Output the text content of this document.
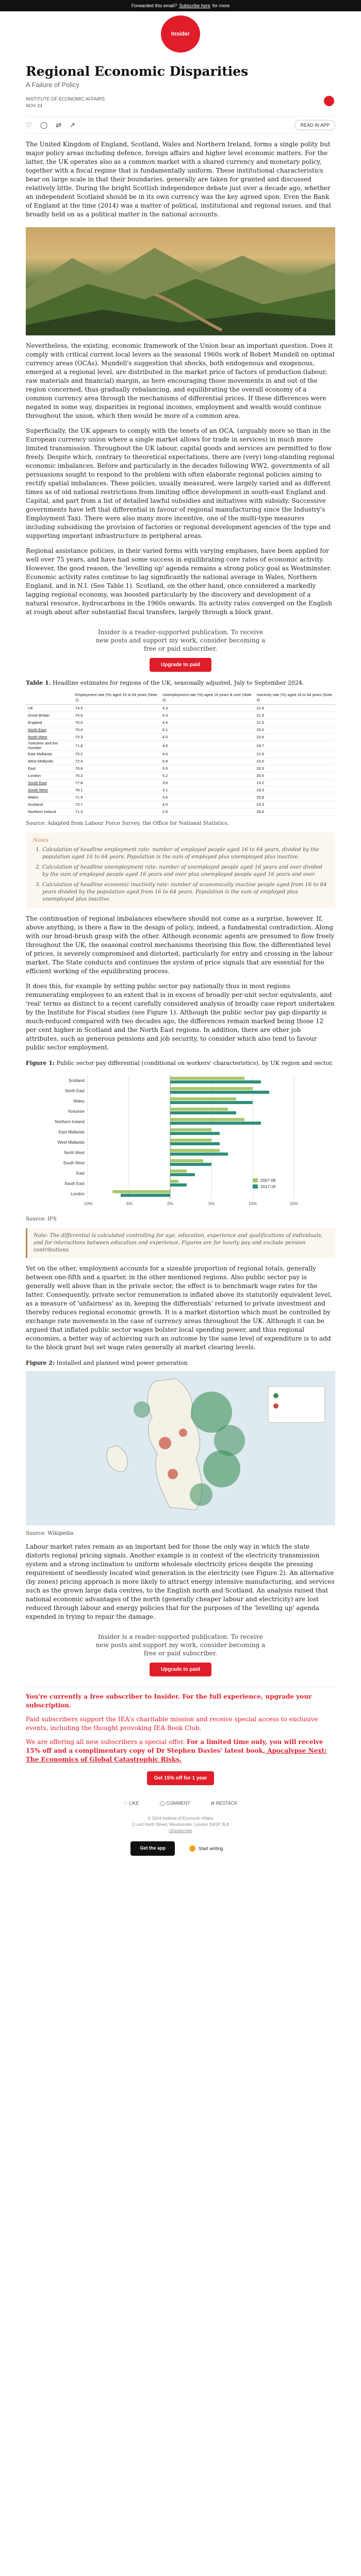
Forwarded this email? Subscribe here for more
Insider
Regional Economic Disparities
A Failure of Policy
INSTITUTE OF ECONOMIC AFFAIRS
NOV 24
♡ ◯ ⇄ ↗	READ IN APP

The United Kingdom of England, Scotland, Wales and Northern Ireland, forms a single polity but major policy areas including defence, foreign affairs and higher level economic matters. For the latter, the UK operates also as a common market with a shared currency and monetary policy, together with a fiscal regime that is fundamentally uniform. These institutional characteristics bear on large scale in that their boundaries, generally are taken for granted and discussed relatively little. During the bright Scottish independence debate just over a decade ago, whether an independent Scotland should be in its own currency was the key agreed upon. Even the Bank of England at the time (2014) was a matter of political, institutional and regional issues, and that broadly held on as a political matter in the national accounts.

Nevertheless, the existing, economic framework of the Union bear an important question. Does it comply with critical current local levers as the seasonal 1960s work of Robert Mundell on optimal currency areas (OCAs). Mundell's suggestion that shocks, both endogenous and exogenous, emerged at a regional level, are distributed in the market price of factors of production (labour, raw materials and financial) margin, as here encouraging those movements in and out of the region concerned, thus gradually rebalancing, and equilibrating the overall economy of a common currency area through the mechanisms of differential prices. If these differences were negated in some way, disparities in regional incomes, employment and wealth would continue throughout the union, which then would be more of a common area.

Superficially, the UK appears to comply with the tenets of an OCA, (arguably more so than in the European currency union where a single market allows for trade in services) in much more limited transmission. Throughout the UK labour, capital goods and services are permitted to flow freely. Despite which, contrary to theoretical expectations, there are (very) long-standing regional economic imbalances. Before and particularly in the decades following WW2, governments of all persuasions sought to respond to the problem with often elaborate regional policies aiming to rectify spatial imbalances. These policies, usually measured, were largely varied and as different times as of old national restrictions from limiting office development in south-east England and Capital, and part from a list of detailed lawful subsidies and initiatives with subsidy. Successive governments have left that differential in favour of regional manufacturing since the Industry's Employment Tax). There were also many more incentive, one of the multi-type measures including subsidising the provision of factories or regional development agencies of the type and supporting important infrastructure in peripheral areas.

Regional assistance policies, in their varied forms with varying emphases, have been applied for well over 75 years, and have had some success in equilibrating core rates of economic activity. However, the good reason, the 'levelling up' agenda remains a strong policy goal as Westminster. Economic activity rates continue to lag significantly the national average in Wales, Northern England, and in N.I. (See Table 1). Scotland, on the other hand, once considered a markedly lagging regional economy, was boosted particularly by the discovery and development of a natural resource, hydrocarbons in the 1960s onwards. Its activity rates converged on the English at rough about after substantial fiscal transfers, largely through a block grant.

Insider is a reader-supported publication. To receive new posts and support my work, consider becoming a free or paid subscriber.
Upgrade to paid
Table 1. Headline estimates for regions of the UK, seasonally adjusted, July to September 2024.
	Employment rate (%) aged 16 to 64 years (Note 1)	Unemployment rate (%) aged 16 years & over (Note 2)	Inactivity rate (%) aged 16 to 64 years (Note 3)
UK	74.5	4.3	21.8
Great Britain	74.6	4.3	21.9
England	75.0	4.4	21.5
North East	70.4	6.1	25.0
North West	73.3	4.0	23.6
Yorkshire and the Humber	71.8	4.6	24.7
East Midlands	75.2	4.0	21.6
West Midlands	72.4	5.8	23.0
East	76.8	3.6	20.3
London	75.3	5.2	20.5
South East	77.8	3.6	19.2
South West	78.1	3.1	19.3
Wales	71.5	3.6	25.8
Scotland	73.7	4.0	23.3
Northern Ireland	71.3	2.6	26.6
Source: Adapted from Labour Force Survey, the Office for National Statistics.
Notes
1. Calculation of headline employment rate: number of employed people aged 16 to 64 years, divided by the population aged 16 to 64 years. Population is the sum of employed plus unemployed plus inactive.
2. Calculation of headline unemployment rate: number of unemployed people aged 16 years and over divided by the sum of employed people aged 16 years and over plus unemployed people aged 16 years and over.
3. Calculation of headline economic inactivity rate: number of economically inactive people aged from 16 to 64 years divided by the population aged from 16 to 64 years. Population is the sum of employed plus unemployed plus inactive.

The continuation of regional imbalances elsewhere should not come as a surprise, however. If, above anything, is there a flaw in the design of policy, indeed, a fundamental contradiction. Along with our broad-brush grasp with the other. Although economic agents are presumed to flow freely throughout the UK, the seasonal control mechanisms theorising this flow, the differentiated level of prices, is severely compromised and distorted, particularly for entry and crossing in the labour market. The State conducts and continues the system of price signals that are essential for the efficient working of the equilibrating process.

It does this, for example by setting public sector pay nationally thus in most regions remunerating employees to an extent that is in excess of broadly per-unit sector equivalents, and 'real' terms as distinct to a recent carefully considered analysis of broadly case report undertaken by the Institute for Fiscal studies (see Figure 1). Although the public sector pay gap disparity is much-reduced compared with two decades ago, the differences remain marked being those 12 per cent higher in Scotland and the North East regions. In addition, there are other job attributes, such as generous pensions and job security, to consider which also tend to favour public sector employment.

Figure 1: Public sector pay differential (conditional on workers' characteristics), by UK region and sector.
-10%	-5%	0%	5%	10%	15%
Scotland
North East
Wales
Yorkshire
Northern Ireland
East Midlands
West Midlands
North West
South West
East
South East
London
2007-08
2017-18
Source: IFS
Note: The differential is calculated controlling for age, education, experience and qualifications of individuals, and for interactions between education and experience. Figures are for hourly pay and exclude pension contributions.

Yet on the other, employment accounts for a sizeable proportion of regional totals, generally between one-fifth and a quarter, in the other mentioned regions. Also public sector pay is generally well above than in the private sector, the effect is to benchmark wage rates for the latter. Consequently, private sector remuneration is inflated above its statutorily equivalent level, as a measure of 'unfairness' as in, keeping the differentials' returned to private investment and thereby reduces regional economic growth. It is a market distortion which must be controlled by exchange rate movements in the case of currency areas throughout the UK. Although it can be argued that inflated public sector wages bolster local spending power, and thus regional economies, a better way of achieving such an outcome by the same level of expenditure is to add to the block grant but set wage rates generally at market clearing levels.

Figure 2: Installed and planned wind power generation
Source: Wikipedia

Labour market rates remain as an important bed for those the only way in which the state distorts regional pricing signals. Another example is in context of the electricity transmission system and a strong inclination to uniform wholesale electricity prices despite the pressing requirement of needlessly located wind generation in the electricity (see Figure 2). An alternative (by zones) pricing approach is more likely to attract energy intensive manufacturing, and services such as the grown large data centres, to the English north and Scotland. An analysis raised that national economic advantages of the north (generally cheaper labour and electricity) are lost reduced through labour and energy policies that for the purposes of the 'levelling up' agenda expended in trying to repair the damage.

Insider is a reader-supported publication. To receive new posts and support my work, consider becoming a free or paid subscriber.
Upgrade to paid

You're currently a free subscriber to Insider. For the full experience, upgrade your subscription.

Paid subscribers support the IEA's charitable mission and receive special access to exclusive events, including the thought provoking IEA Book Club.

We are offering all new subscribers a special offer. For a limited time only, you will receive 15% off and a complimentary copy of Dr Stephen Davies' latest book, Apocalypse Next: The Economics of Global Catastrophic Risks.

Get 15% off for 1 year
♡ LIKE	◯ COMMENT	⇄ RESTACK
© 2024 Institute of Economic Affairs
2 Lord North Street, Westminster, London SW1P 3LB
Unsubscribe
Get the app	Start writing
